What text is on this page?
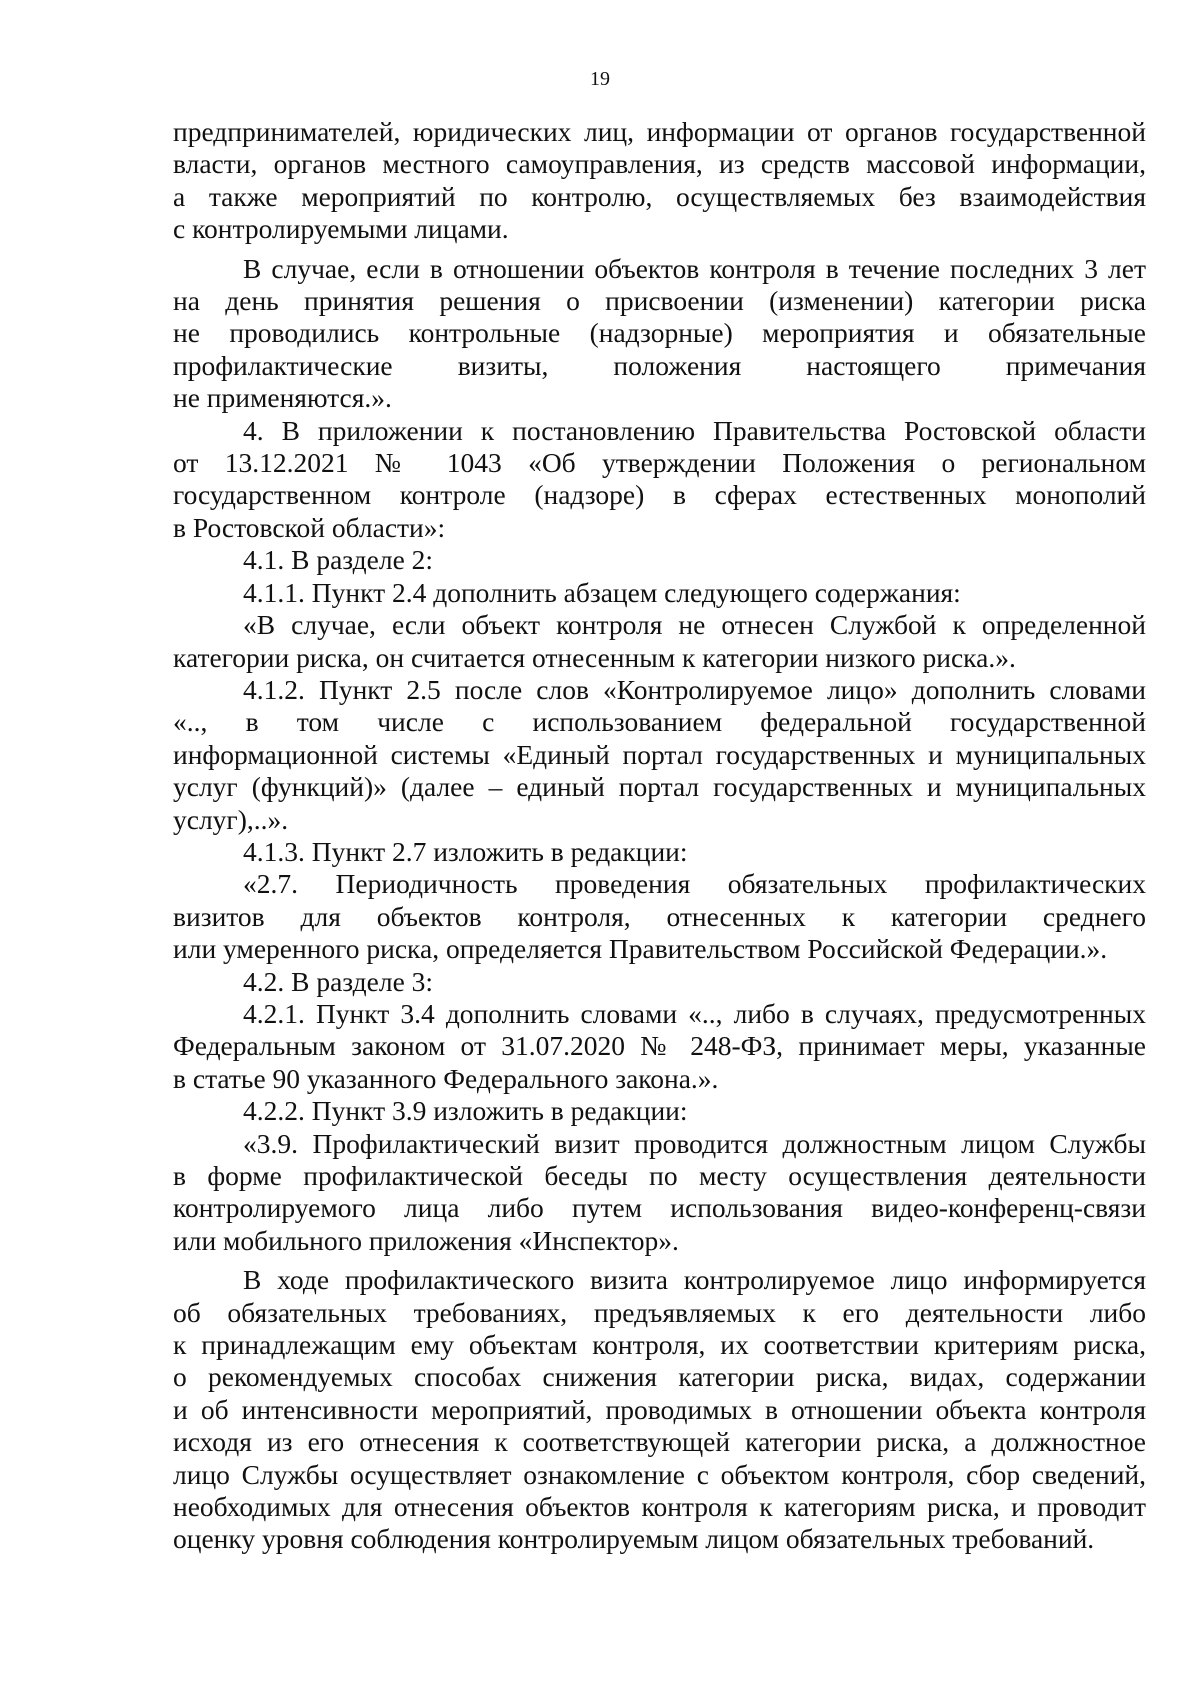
19
предпринимателей, юридических лиц, информации от органов государственной
власти, органов местного самоуправления, из средств массовой информации,
а также мероприятий по контролю, осуществляемых без взаимодействия
с контролируемыми лицами.
В случае, если в отношении объектов контроля в течение последних 3 лет
на день принятия решения о присвоении (изменении) категории риска
не проводились контрольные (надзорные) мероприятия и обязательные
профилактические визиты, положения настоящего примечания
не применяются.».
4. В приложении к постановлению Правительства Ростовской области
от 13.12.2021 № 1043 «Об утверждении Положения о региональном
государственном контроле (надзоре) в сферах естественных монополий
в Ростовской области»:
4.1. В разделе 2:
4.1.1. Пункт 2.4 дополнить абзацем следующего содержания:
«В случае, если объект контроля не отнесен Службой к определенной
категории риска, он считается отнесенным к категории низкого риска.».
4.1.2. Пункт 2.5 после слов «Контролируемое лицо» дополнить словами
«.., в том числе с использованием федеральной государственной
информационной системы «Единый портал государственных и муниципальных
услуг (функций)» (далее – единый портал государственных и муниципальных
услуг),..».
4.1.3. Пункт 2.7 изложить в редакции:
«2.7. Периодичность проведения обязательных профилактических
визитов для объектов контроля, отнесенных к категории среднего
или умеренного риска, определяется Правительством Российской Федерации.».
4.2. В разделе 3:
4.2.1. Пункт 3.4 дополнить словами «.., либо в случаях, предусмотренных
Федеральным законом от 31.07.2020 № 248-ФЗ, принимает меры, указанные
в статье 90 указанного Федерального закона.».
4.2.2. Пункт 3.9 изложить в редакции:
«3.9. Профилактический визит проводится должностным лицом Службы
в форме профилактической беседы по месту осуществления деятельности
контролируемого лица либо путем использования видео-конференц-связи
или мобильного приложения «Инспектор».
В ходе профилактического визита контролируемое лицо информируется
об обязательных требованиях, предъявляемых к его деятельности либо
к принадлежащим ему объектам контроля, их соответствии критериям риска,
о рекомендуемых способах снижения категории риска, видах, содержании
и об интенсивности мероприятий, проводимых в отношении объекта контроля
исходя из его отнесения к соответствующей категории риска, а должностное
лицо Службы осуществляет ознакомление с объектом контроля, сбор сведений,
необходимых для отнесения объектов контроля к категориям риска, и проводит
оценку уровня соблюдения контролируемым лицом обязательных требований.
